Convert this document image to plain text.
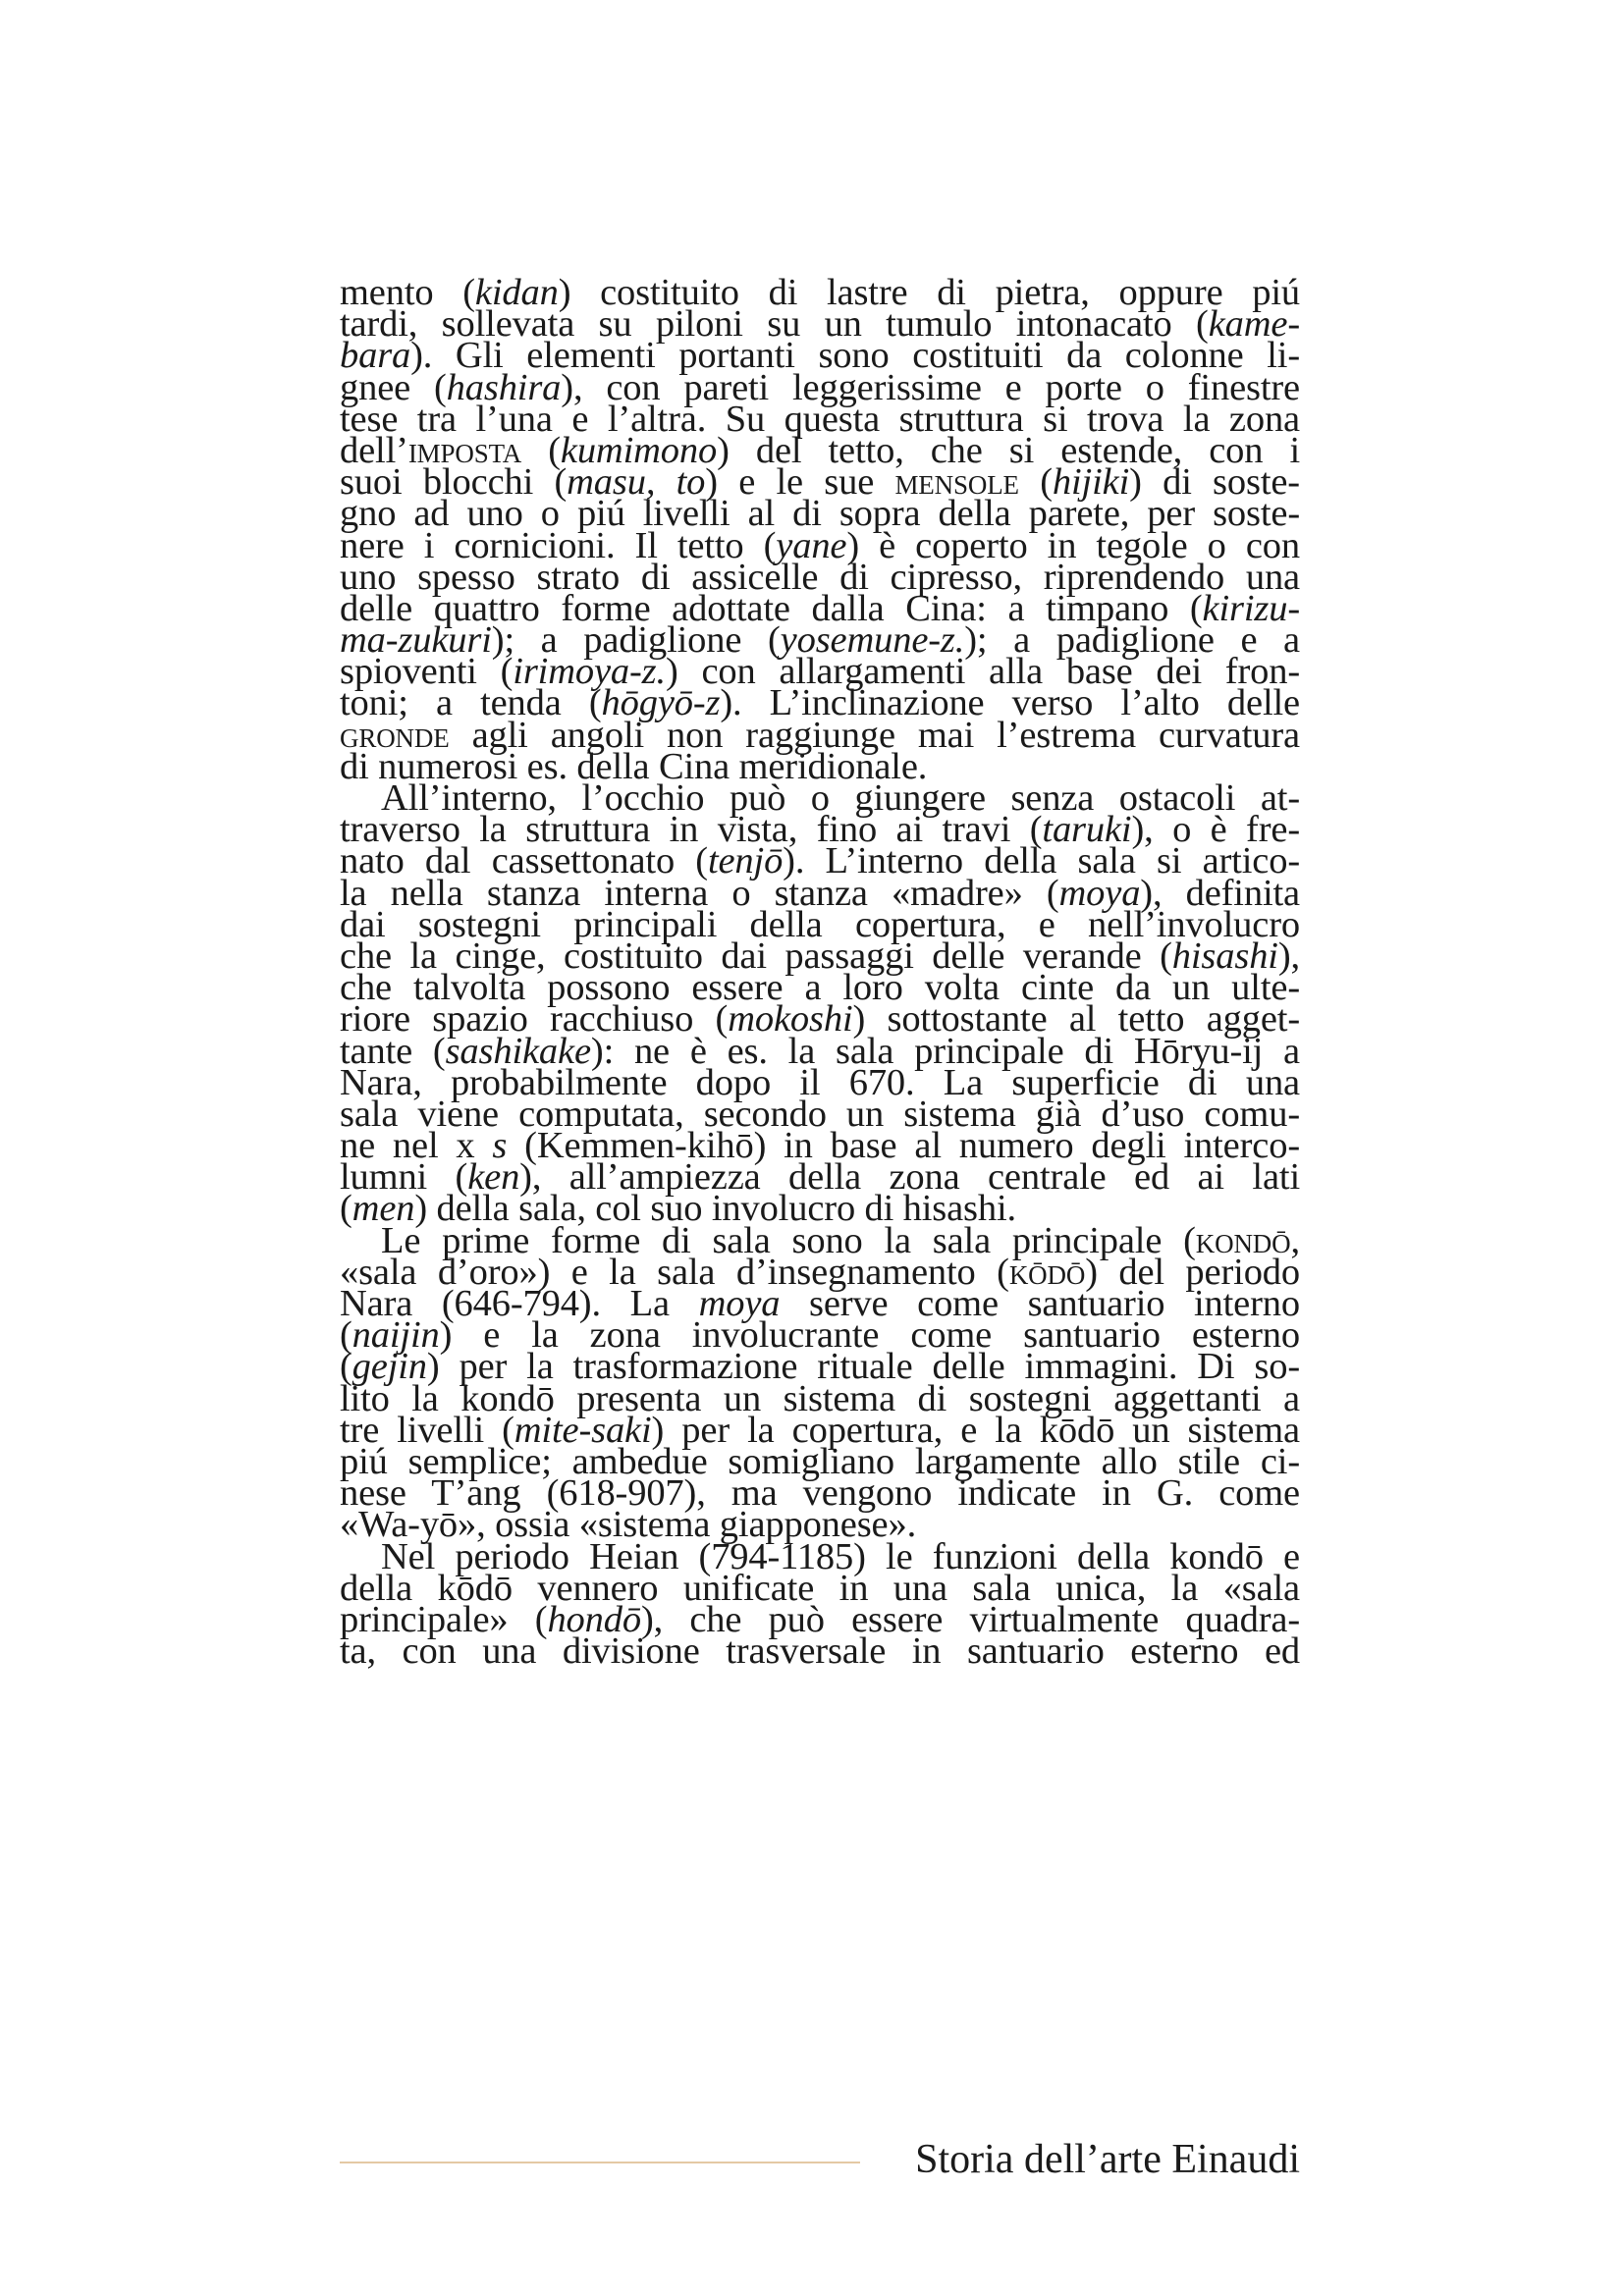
mento (kidan) costituito di lastre di pietra, oppure piú
tardi, sollevata su piloni su un tumulo intonacato (kame-
bara). Gli elementi portanti sono costituiti da colonne li-
gnee (hashira), con pareti leggerissime e porte o finestre
tese tra l’una e l’altra. Su questa struttura si trova la zona
dell’imposta (kumimono) del tetto, che si estende, con i
suoi blocchi (masu, to) e le sue mensole (hijiki) di soste-
gno ad uno o piú livelli al di sopra della parete, per soste-
nere i cornicioni. Il tetto (yane) è coperto in tegole o con
uno spesso strato di assicelle di cipresso, riprendendo una
delle quattro forme adottate dalla Cina: a timpano (kirizu-
ma-zukuri); a padiglione (yosemune-z.); a padiglione e a
spioventi (irimoya-z.) con allargamenti alla base dei fron-
toni; a tenda (hōgyō-z). L’inclinazione verso l’alto delle
gronde agli angoli non raggiunge mai l’estrema curvatura
di numerosi es. della Cina meridionale.
All’interno, l’occhio può o giungere senza ostacoli at-
traverso la struttura in vista, fino ai travi (taruki), o è fre-
nato dal cassettonato (tenjō). L’interno della sala si artico-
la nella stanza interna o stanza «madre» (moya), definita
dai sostegni principali della copertura, e nell’involucro
che la cinge, costituito dai passaggi delle verande (hisashi),
che talvolta possono essere a loro volta cinte da un ulte-
riore spazio racchiuso (mokoshi) sottostante al tetto agget-
tante (sashikake): ne è es. la sala principale di Hōryu-ij a
Nara, probabilmente dopo il 670. La superficie di una
sala viene computata, secondo un sistema già d’uso comu-
ne nel x s (Kemmen-kihō) in base al numero degli interco-
lumni (ken), all’ampiezza della zona centrale ed ai lati
(men) della sala, col suo involucro di hisashi.
Le prime forme di sala sono la sala principale (kondō,
«sala d’oro») e la sala d’insegnamento (kōdō) del periodo
Nara (646-794). La moya serve come santuario interno
(naijin) e la zona involucrante come santuario esterno
(gejin) per la trasformazione rituale delle immagini. Di so-
lito la kondō presenta un sistema di sostegni aggettanti a
tre livelli (mite-saki) per la copertura, e la kōdō un sistema
piú semplice; ambedue somigliano largamente allo stile ci-
nese T’ang (618-907), ma vengono indicate in G. come
«Wa-yō», ossia «sistema giapponese».
Nel periodo Heian (794-1185) le funzioni della kondō e
della kōdō vennero unificate in una sala unica, la «sala
principale» (hondō), che può essere virtualmente quadra-
ta, con una divisione trasversale in santuario esterno ed
Storia dell’arte Einaudi
